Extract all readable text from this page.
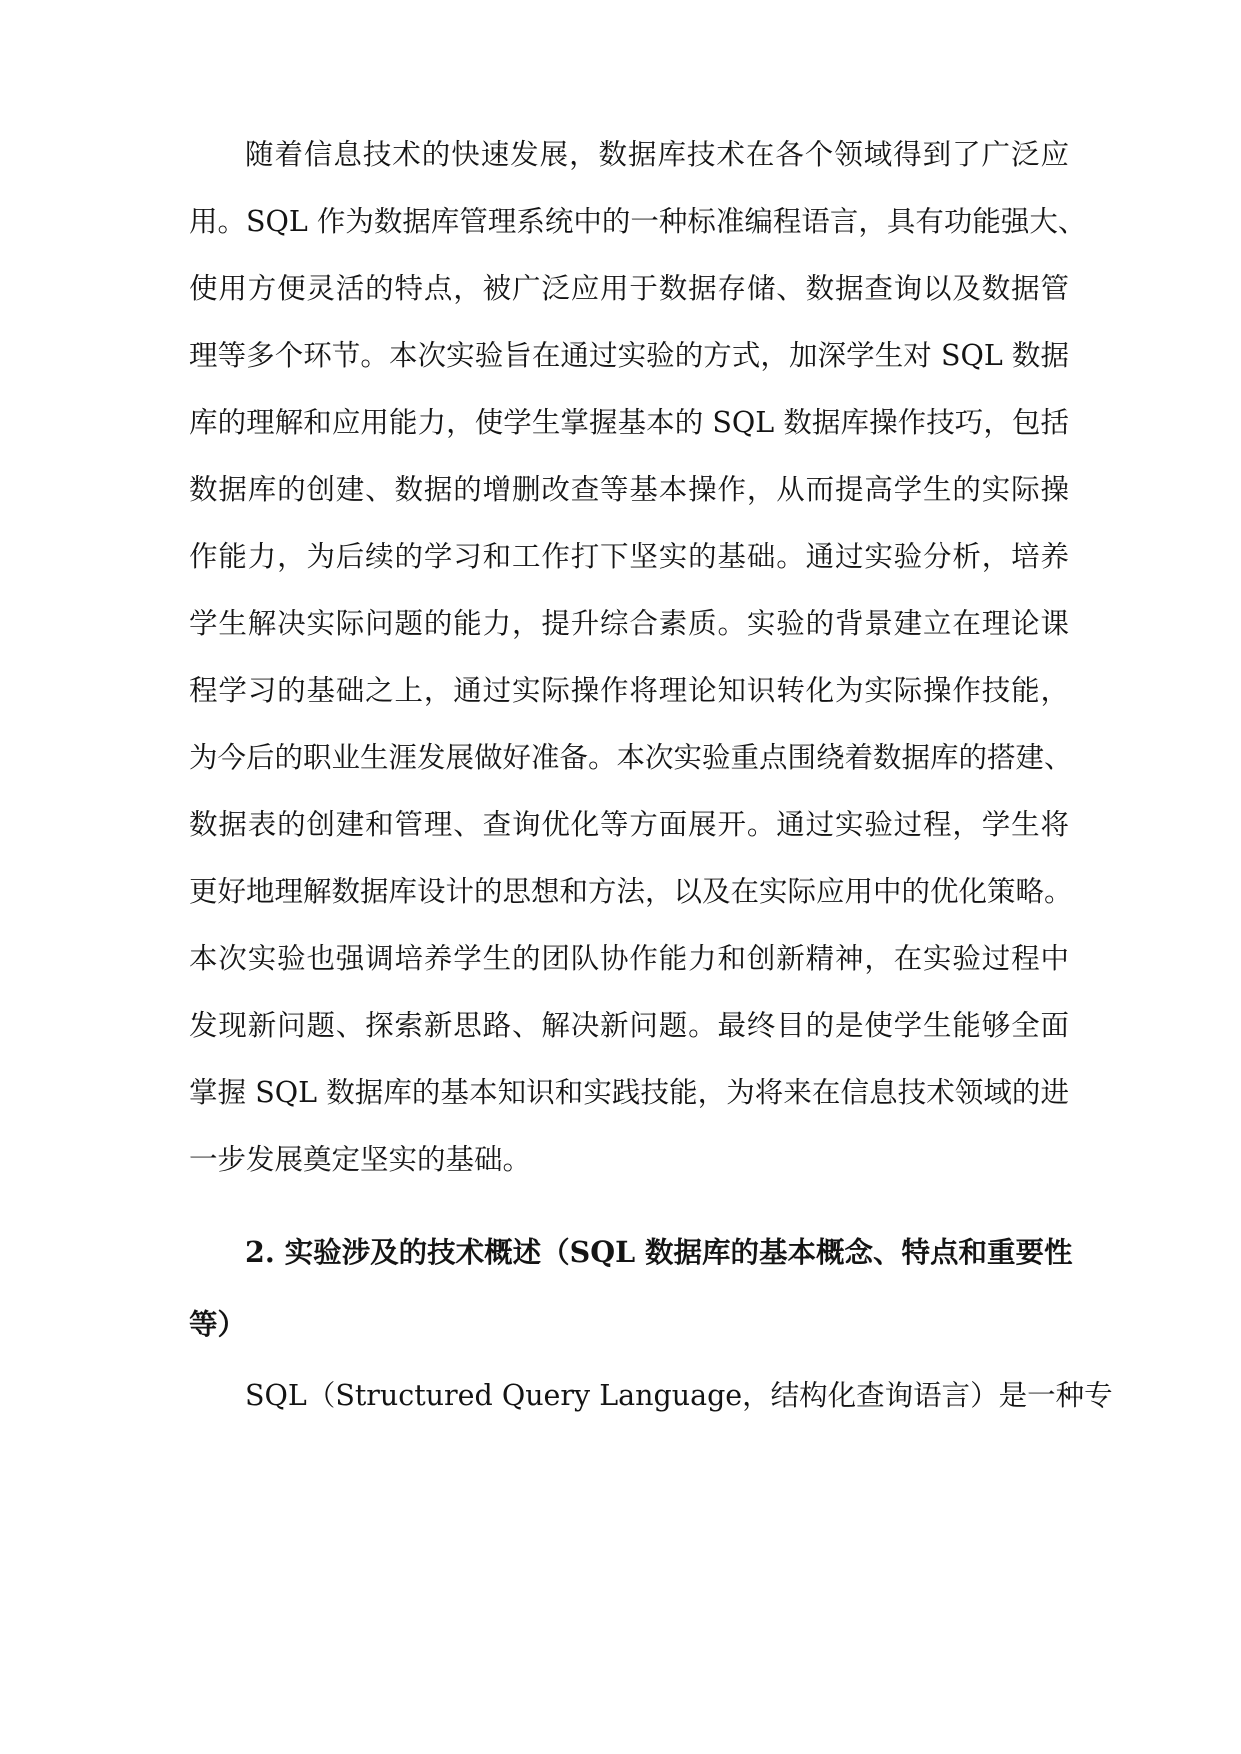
随着信息技术的快速发展，数据库技术在各个领域得到了广泛应
用。SQL 作为数据库管理系统中的一种标准编程语言，具有功能强大、
使用方便灵活的特点，被广泛应用于数据存储、数据查询以及数据管
理等多个环节。本次实验旨在通过实验的方式，加深学生对 SQL 数据
库的理解和应用能力，使学生掌握基本的 SQL 数据库操作技巧，包括
数据库的创建、数据的增删改查等基本操作，从而提高学生的实际操
作能力，为后续的学习和工作打下坚实的基础。通过实验分析，培养
学生解决实际问题的能力，提升综合素质。实验的背景建立在理论课
程学习的基础之上，通过实际操作将理论知识转化为实际操作技能，
为今后的职业生涯发展做好准备。本次实验重点围绕着数据库的搭建、
数据表的创建和管理、查询优化等方面展开。通过实验过程，学生将
更好地理解数据库设计的思想和方法，以及在实际应用中的优化策略。
本次实验也强调培养学生的团队协作能力和创新精神，在实验过程中
发现新问题、探索新思路、解决新问题。最终目的是使学生能够全面
掌握 SQL 数据库的基本知识和实践技能，为将来在信息技术领域的进
一步发展奠定坚实的基础。
2. 实验涉及的技术概述（SQL 数据库的基本概念、特点和重要性
等）
SQL（Structured Query Language，结构化查询语言）是一种专
